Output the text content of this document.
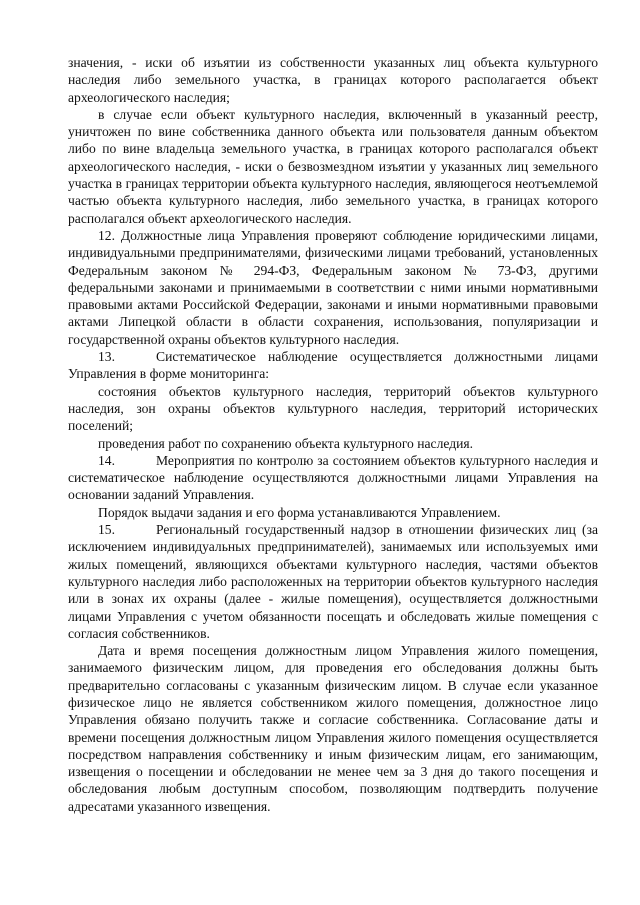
значения, - иски об изъятии из собственности указанных лиц объекта культурного наследия либо земельного участка, в границах которого располагается объект археологического наследия;

в случае если объект культурного наследия, включенный в указанный реестр, уничтожен по вине собственника данного объекта или пользователя данным объектом либо по вине владельца земельного участка, в границах которого располагался объект археологического наследия, - иски о безвозмездном изъятии у указанных лиц земельного участка в границах территории объекта культурного наследия, являющегося неотъемлемой частью объекта культурного наследия, либо земельного участка, в границах которого располагался объект археологического наследия.

12. Должностные лица Управления проверяют соблюдение юридическими лицами, индивидуальными предпринимателями, физическими лицами требований, установленных Федеральным законом № 294-ФЗ, Федеральным законом № 73-ФЗ, другими федеральными законами и принимаемыми в соответствии с ними иными нормативными правовыми актами Российской Федерации, законами и иными нормативными правовыми актами Липецкой области в области сохранения, использования, популяризации и государственной охраны объектов культурного наследия.

13.	Систематическое наблюдение осуществляется должностными лицами Управления в форме мониторинга:

состояния объектов культурного наследия, территорий объектов культурного наследия, зон охраны объектов культурного наследия, территорий исторических поселений;

проведения работ по сохранению объекта культурного наследия.

14.	Мероприятия по контролю за состоянием объектов культурного наследия и систематическое наблюдение осуществляются должностными лицами Управления на основании заданий Управления.

Порядок выдачи задания и его форма устанавливаются Управлением.

15.	Региональный государственный надзор в отношении физических лиц (за исключением индивидуальных предпринимателей), занимаемых или используемых ими жилых помещений, являющихся объектами культурного наследия, частями объектов культурного наследия либо расположенных на территории объектов культурного наследия или в зонах их охраны (далее - жилые помещения), осуществляется должностными лицами Управления с учетом обязанности посещать и обследовать жилые помещения с согласия собственников.

Дата и время посещения должностным лицом Управления жилого помещения, занимаемого физическим лицом, для проведения его обследования должны быть предварительно согласованы с указанным физическим лицом. В случае если указанное физическое лицо не является собственником жилого помещения, должностное лицо Управления обязано получить также и согласие собственника. Согласование даты и времени посещения должностным лицом Управления жилого помещения осуществляется посредством направления собственнику и иным физическим лицам, его занимающим, извещения о посещении и обследовании не менее чем за 3 дня до такого посещения и обследования любым доступным способом, позволяющим подтвердить получение адресатами указанного извещения.
